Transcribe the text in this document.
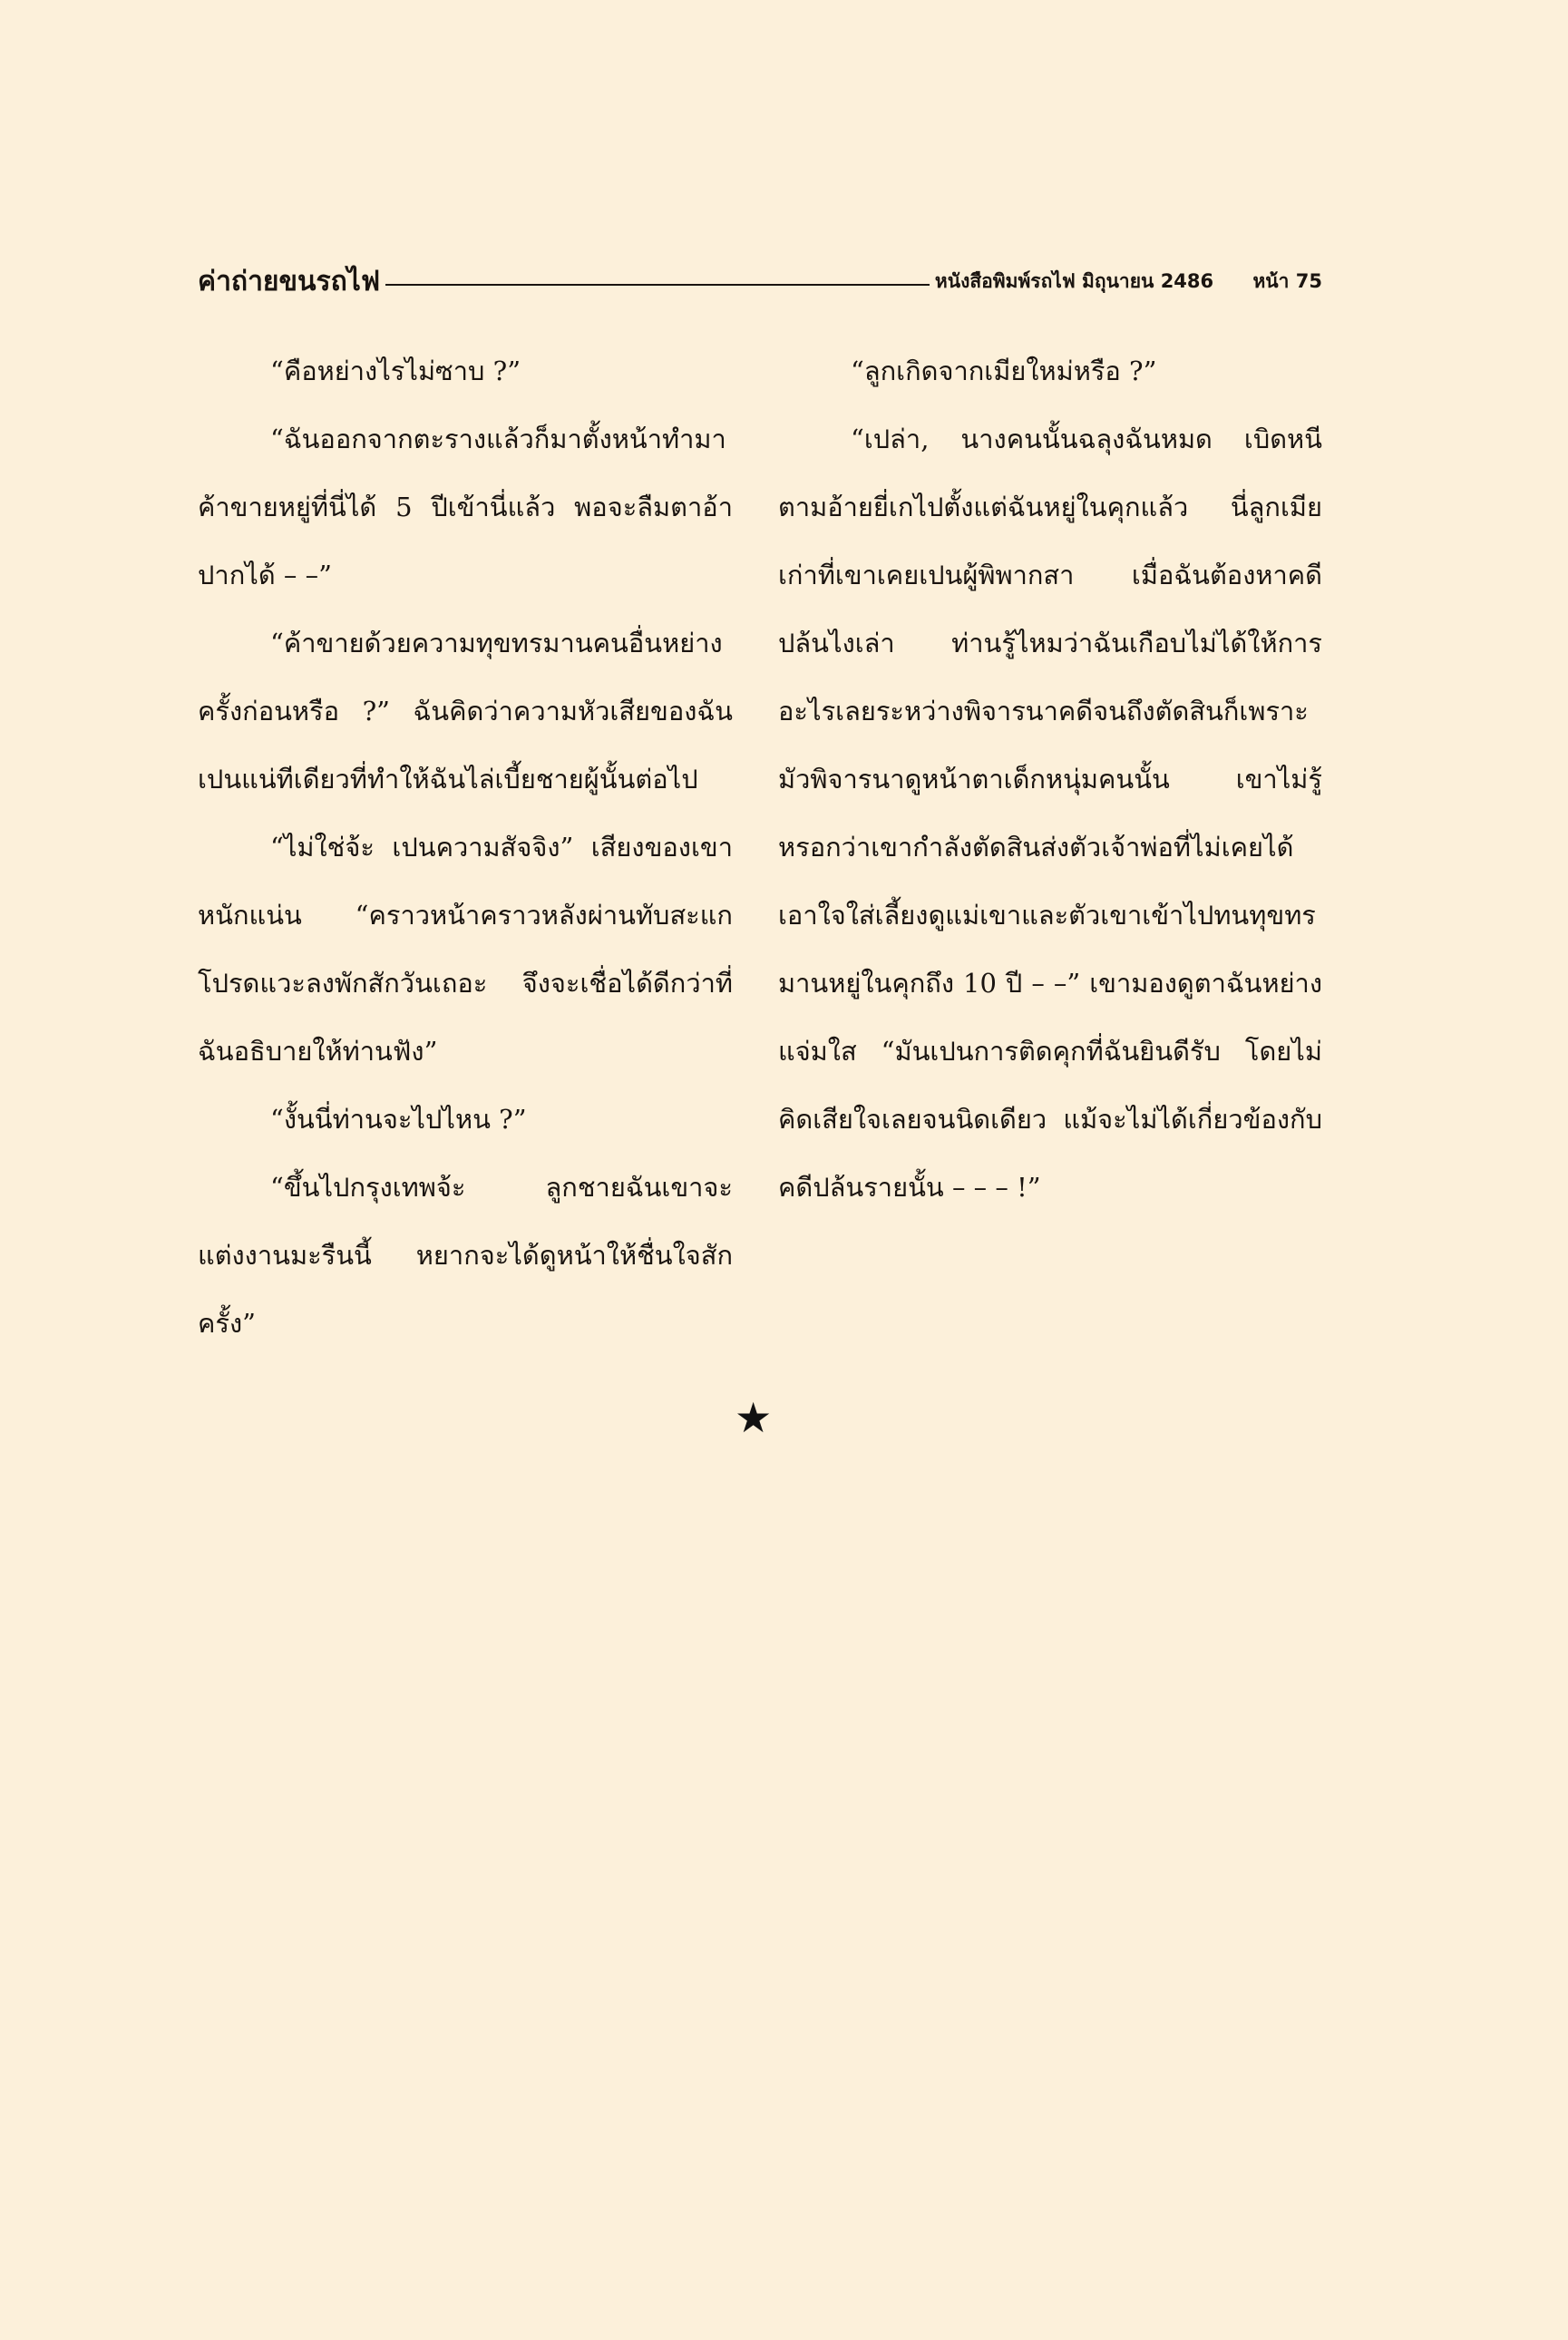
ค่าถ่ายขนรถไฟ	หนังสือพิมพ์รถไฟ มิถุนายน 2486 หน้า 75

“คือหย่างไรไม่ซาบ ?”

“ฉันออกจากตะรางแล้วก็มาตั้งหน้าทำมาค้าขายหยู่ที่นี่ได้ 5 ปีเข้านี่แล้ว พอจะลืมตาอ้าปากได้ – –”

“ค้าขายด้วยความทุขทรมานคนอื่นหย่างครั้งก่อนหรือ ?” ฉันคิดว่าความหัวเสียของฉันเปนแน่ทีเดียวที่ทำให้ฉันไล่เบี้ยชายผู้นั้นต่อไป

“ไม่ใช่จ้ะ เปนความสัจจิง” เสียงของเขาหนักแน่น “คราวหน้าคราวหลังผ่านทับสะแกโปรดแวะลงพักสักวันเถอะ จึงจะเชื่อได้ดีกว่าที่ฉันอธิบายให้ท่านฟัง”

“งั้นนี่ท่านจะไปไหน ?”

“ขึ้นไปกรุงเทพจ้ะ ลูกชายฉันเขาจะแต่งงานมะรืนนี้ หยากจะได้ดูหน้าให้ชื่นใจสักครั้ง”

“ลูกเกิดจากเมียใหม่หรือ ?”

“เปล่า, นางคนนั้นฉลุงฉันหมด เบิดหนีตามอ้ายยี่เกไปตั้งแต่ฉันหยู่ในคุกแล้ว นี่ลูกเมียเก่าที่เขาเคยเปนผู้พิพากสา เมื่อฉันต้องหาคดีปล้นไงเล่า ท่านรู้ไหมว่าฉันเกือบไม่ได้ให้การอะไรเลยระหว่างพิจารนาคดีจนถึงตัดสินก็เพราะมัวพิจารนาดูหน้าตาเด็กหนุ่มคนนั้น เขาไม่รู้หรอกว่าเขากำลังตัดสินส่งตัวเจ้าพ่อที่ไม่เคยได้เอาใจใส่เลี้ยงดูแม่เขาและตัวเขาเข้าไปทนทุขทรมานหยู่ในคุกถึง 10 ปี – –” เขามองดูตาฉันหย่างแจ่มใส “มันเปนการติดคุกที่ฉันยินดีรับ โดยไม่คิดเสียใจเลยจนนิดเดียว แม้จะไม่ได้เกี่ยวข้องกับคดีปล้นรายนั้น – – – !”

★
